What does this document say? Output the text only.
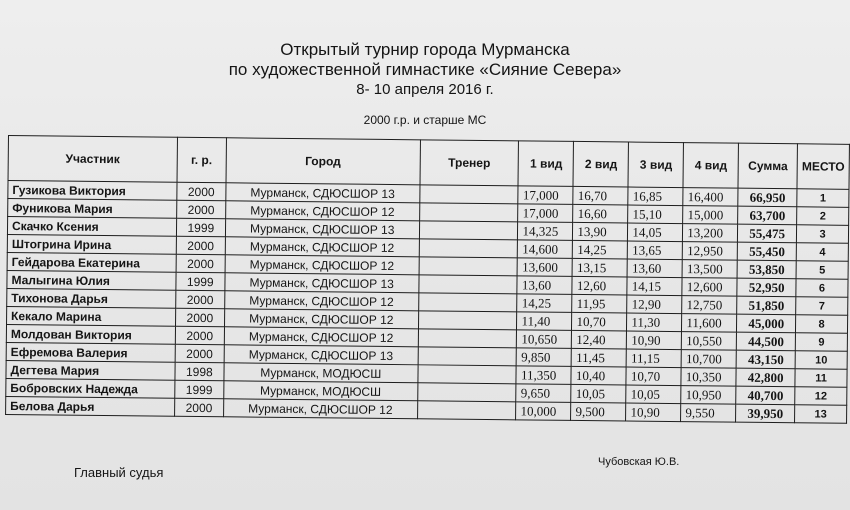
Открытый турнир города Мурманска
по художественной гимнастике «Сияние Севера»
8- 10 апреля 2016 г.
2000 г.р. и старше МС
Участник	г. р.	Город	Тренер	1 вид	2 вид	3 вид	4 вид	Сумма	МЕСТО
Гузикова Виктория	2000	Мурманск, СДЮСШОР 13		17,000	16,70	16,85	16,400	66,950	1
Фуникова Мария	2000	Мурманск, СДЮСШОР 12		17,000	16,60	15,10	15,000	63,700	2
Скачко Ксения	1999	Мурманск, СДЮСШОР 13		14,325	13,90	14,05	13,200	55,475	3
Штогрина Ирина	2000	Мурманск, СДЮСШОР 12		14,600	14,25	13,65	12,950	55,450	4
Гейдарова Екатерина	2000	Мурманск, СДЮСШОР 12		13,600	13,15	13,60	13,500	53,850	5
Малыгина Юлия	1999	Мурманск, СДЮСШОР 13		13,60	12,60	14,15	12,600	52,950	6
Тихонова Дарья	2000	Мурманск, СДЮСШОР 12		14,25	11,95	12,90	12,750	51,850	7
Кекало Марина	2000	Мурманск, СДЮСШОР 12		11,40	10,70	11,30	11,600	45,000	8
Молдован Виктория	2000	Мурманск, СДЮСШОР 12		10,650	12,40	10,90	10,550	44,500	9
Ефремова Валерия	2000	Мурманск, СДЮСШОР 13		9,850	11,45	11,15	10,700	43,150	10
Дегтева Мария	1998	Мурманск, МОДЮСШ		11,350	10,40	10,70	10,350	42,800	11
Бобровских Надежда	1999	Мурманск, МОДЮСШ		9,650	10,05	10,05	10,950	40,700	12
Белова Дарья	2000	Мурманск, СДЮСШОР 12		10,000	9,500	10,90	9,550	39,950	13
Главный судья
Чубовская Ю.В.
